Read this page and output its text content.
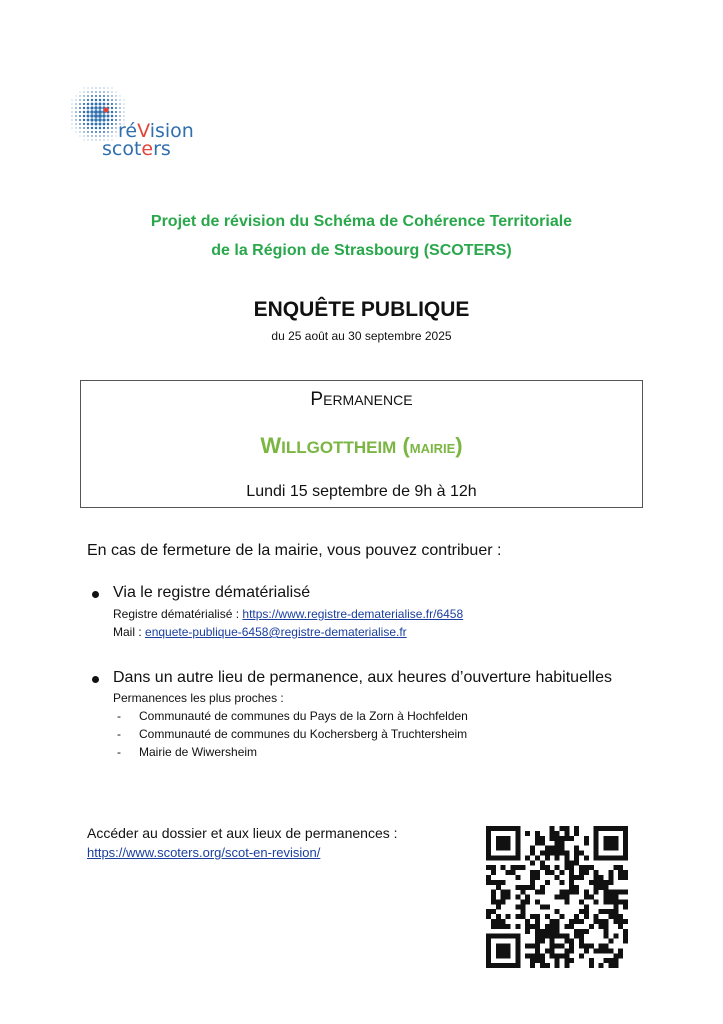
réVision
scoters
Projet de révision du Schéma de Cohérence Territoriale
de la Région de Strasbourg (SCOTERS)
ENQUÊTE PUBLIQUE
du 25 août au 30 septembre 2025
PERMANENCE
WILLGOTTHEIM (MAIRIE)
Lundi 15 septembre de 9h à 12h
En cas de fermeture de la mairie, vous pouvez contribuer :
Via le registre dématérialisé
Registre dématérialisé : https://www.registre-dematerialise.fr/6458
Mail : enquete-publique-6458@registre-dematerialise.fr
Dans un autre lieu de permanence, aux heures d’ouverture habituelles
Permanences les plus proches :
- Communauté de communes du Pays de la Zorn à Hochfelden
- Communauté de communes du Kochersberg à Truchtersheim
- Mairie de Wiwersheim
Accéder au dossier et aux lieux de permanences :
https://www.scoters.org/scot-en-revision/
